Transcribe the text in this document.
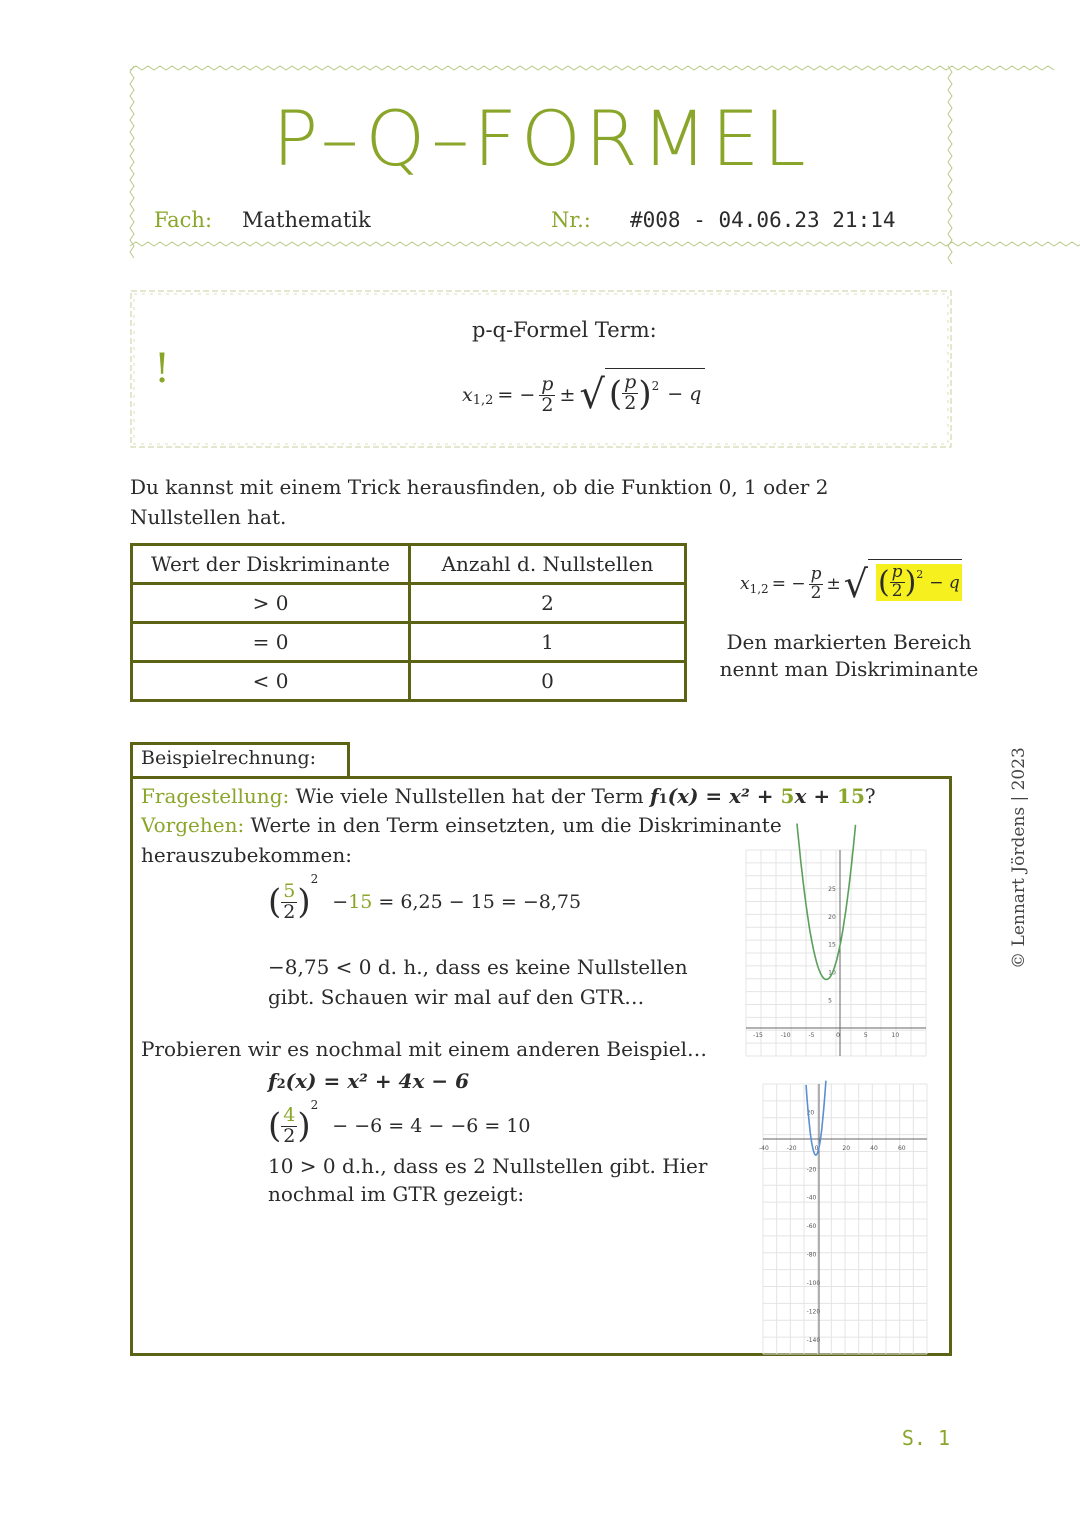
P–Q–FORMEL
Fach: Mathematik	Nr.: #008 - 04.06.23 21:14
!
p-q-Formel Term:
x 1,2 = − $\frac{p}{2}$ ± √ ( $\frac{p}{2}$ ) 2 − q
Du kannst mit einem Trick herausfinden, ob die Funktion 0, 1 oder 2 Nullstellen hat.
Wert der Diskriminante	Anzahl d. Nullstellen
> 0	2
= 0	1
< 0	0
x 1,2 = − $\frac{p}{2}$ ± √ ( $\frac{p}{2}$ ) 2 − q
Den markierten Bereich
nennt man Diskriminante
Beispielrechnung:
Fragestellung: Wie viele Nullstellen hat der Term f1(x) = x² + 5x + 15?
Vorgehen: Werte in den Term einsetzten, um die Diskriminante
herauszubekommen:
( $\frac{5}{2}$ )
2
− 15 = 6,25 − 15 = −8,75
−8,75 < 0 d. h., dass es keine Nullstellen
gibt. Schauen wir mal auf den GTR…
Probieren wir es nochmal mit einem anderen Beispiel…
f2(x) = x² + 4x − 6
( $\frac{4}{2}$ )
2
− −6 = 4 − −6 = 10
10 > 0 d.h., dass es 2 Nullstellen gibt. Hier
nochmal im GTR gezeigt:
-15	-10	-5	0	5	10
25
20
15
10
5
-40	-20	0	20	40	60
20
-20
-40
-60
-80
-100
-120
-140
© Lennart Jördens | 2023
S. 1
